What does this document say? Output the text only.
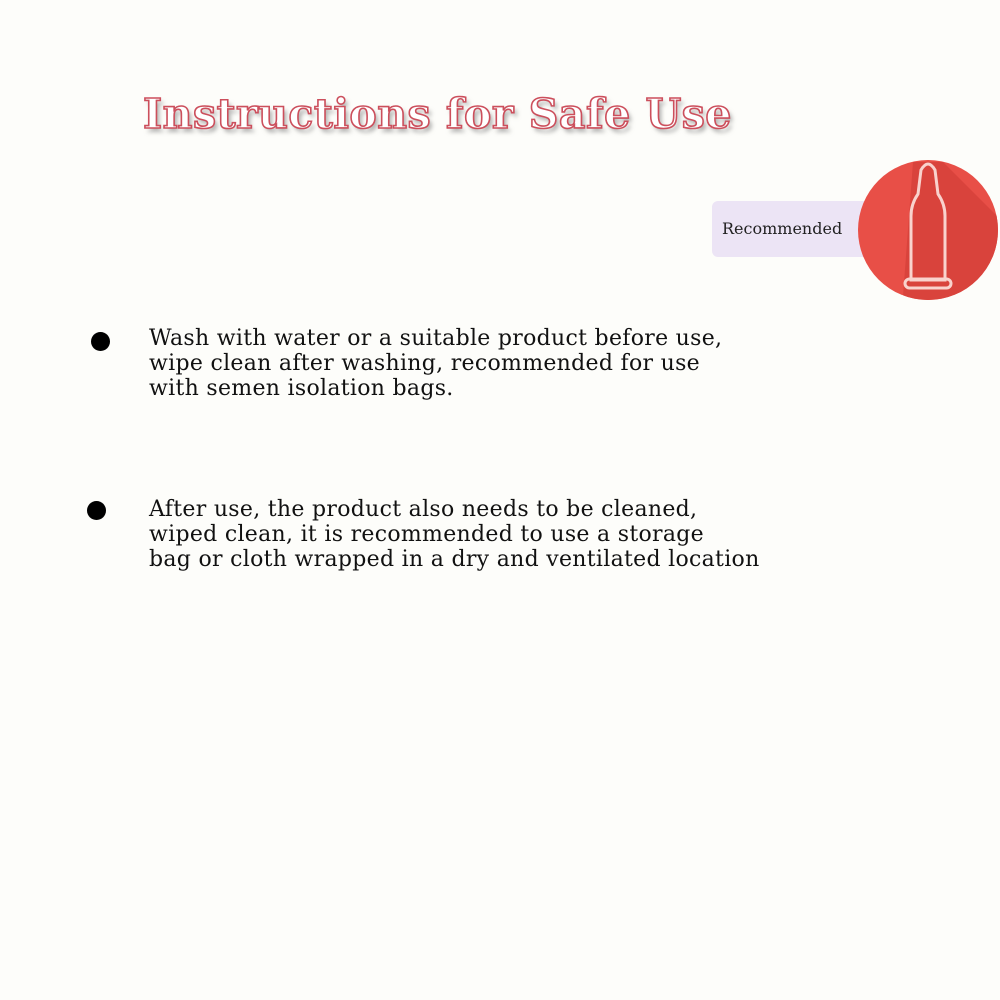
Instructions for Safe Use
Recommended
Wash with water or a suitable product before use,
wipe clean after washing, recommended for use
with semen isolation bags.
After use, the product also needs to be cleaned,
wiped clean, it is recommended to use a storage
bag or cloth wrapped in a dry and ventilated location
